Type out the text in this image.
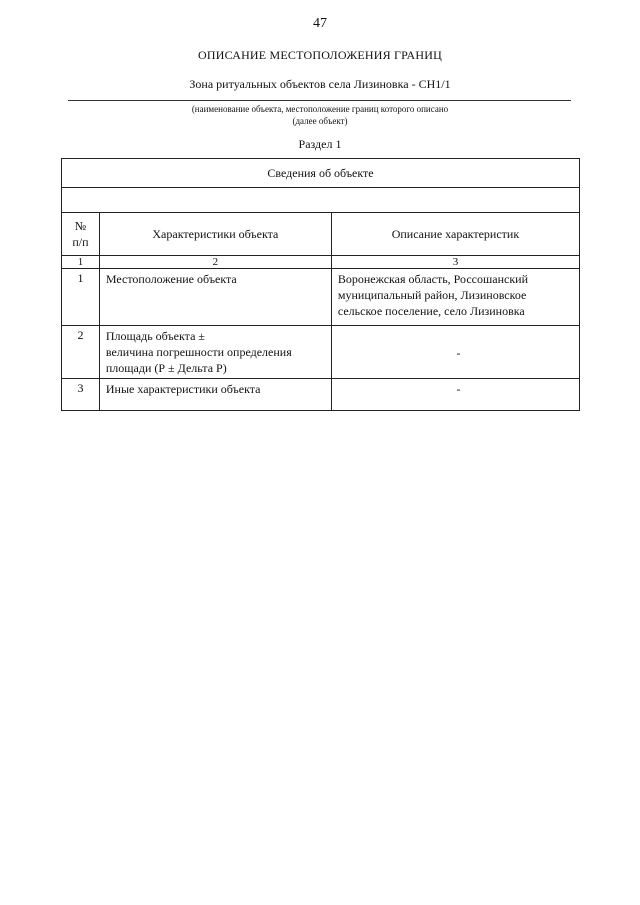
47
ОПИСАНИЕ МЕСТОПОЛОЖЕНИЯ ГРАНИЦ
Зона ритуальных объектов села Лизиновка - СН1/1
(наименование объекта, местоположение границ которого описано
(далее объект)
Раздел 1
Сведения об объекте		

№
п/п	Характеристики объекта	Описание характеристик
1	2	3
1	Местоположение объекта	Воронежская область, Россошанский
муниципальный район, Лизиновское
сельское поселение, село Лизиновка

2	Площадь объекта ±
величина погрешности определения
площади (Р ± Дельта Р)	-

3	Иные характеристики объекта	-
